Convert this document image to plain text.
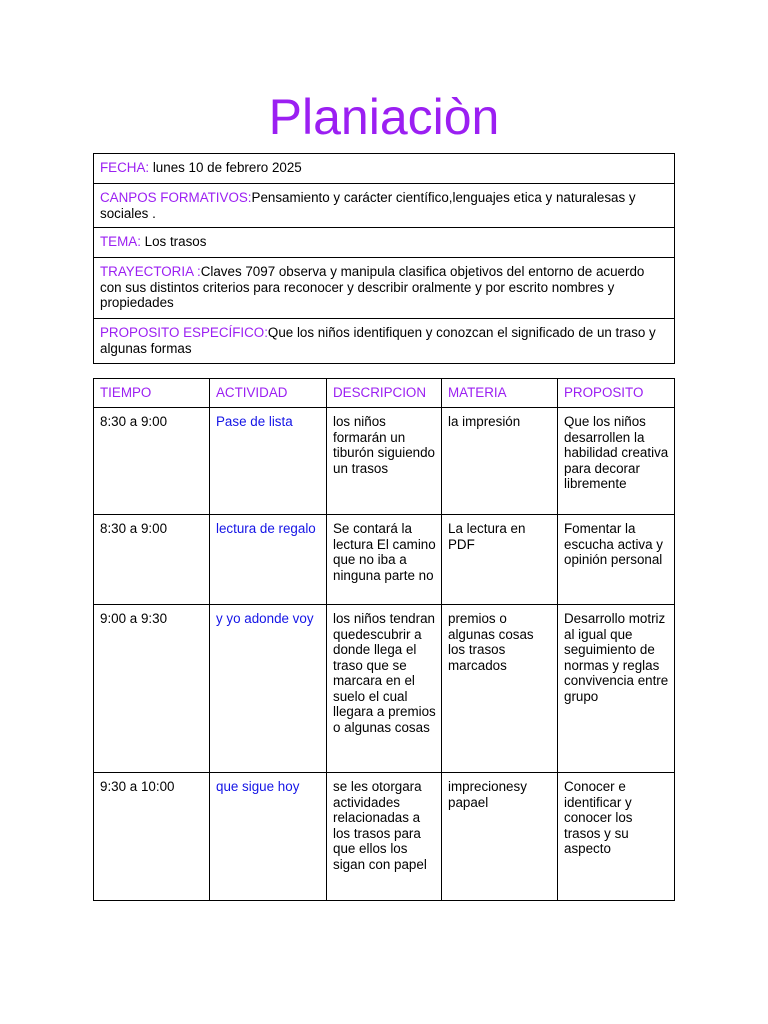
Planiaciòn
FECHA: lunes 10 de febrero 2025
CANPOS FORMATIVOS:Pensamiento y carácter científico,lenguajes etica y naturalesas y sociales .
TEMA: Los trasos
TRAYECTORIA :Claves 7097 observa y manipula clasifica objetivos del entorno de acuerdo con sus distintos criterios para reconocer y describir oralmente y por escrito nombres y propiedades
PROPOSITO ESPECÍFICO:Que los niños identifiquen y conozcan el significado de un traso y algunas formas
TIEMPO	ACTIVIDAD	DESCRIPCION	MATERIA	PROPOSITO
8:30 a 9:00	Pase de lista	los niños formarán un tiburón siguiendo un trasos	la impresión	Que los niños desarrollen la habilidad creativa para decorar libremente
8:30 a 9:00	lectura de regalo	Se contará la lectura El camino que no iba a ninguna parte no	La lectura en PDF	Fomentar la escucha activa y opinión personal
9:00 a 9:30	y yo adonde voy	los niños tendran quedescubrir a donde llega el traso que se marcara en el suelo el cual llegara a premios o algunas cosas	premios o algunas cosas los trasos marcados	Desarrollo motriz al igual que seguimiento de normas y reglas convivencia entre grupo
9:30 a 10:00	que sigue hoy	se les otorgara actividades relacionadas a los trasos para que ellos los sigan con papel	imprecionesy papael	Conocer e identificar y conocer los trasos y su aspecto
